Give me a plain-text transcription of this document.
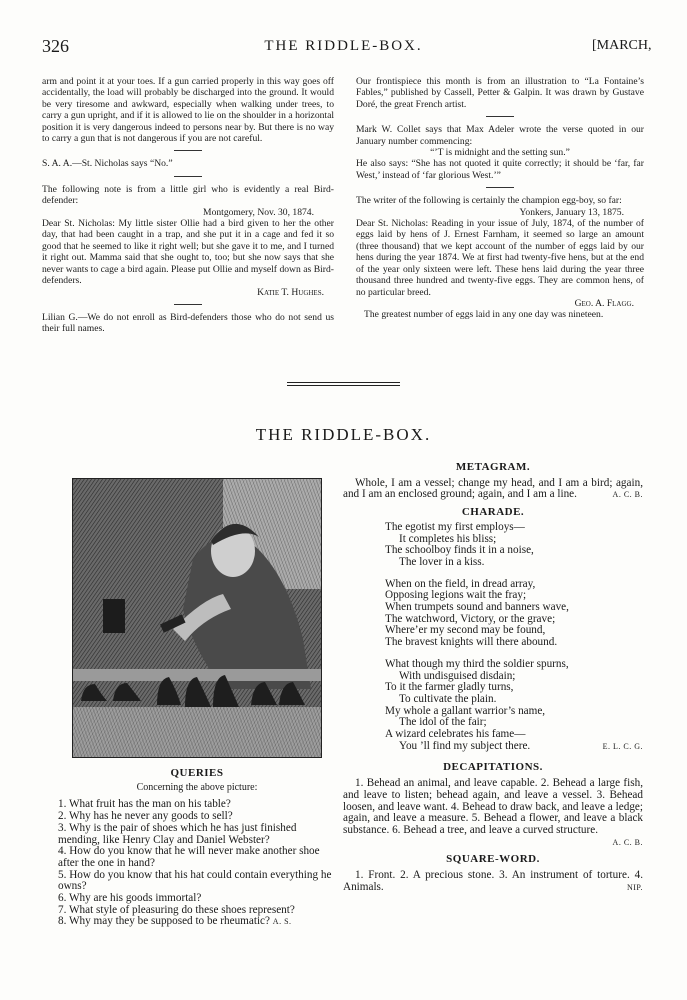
326	THE RIDDLE-BOX.	[MARCH,

arm and point it at your toes. If a gun carried properly in this way goes off accidentally, the load will probably be discharged into the ground. It would be very tiresome and awkward, especially when walking under trees, to carry a gun upright, and if it is allowed to lie on the shoulder in a horizontal position it is very dangerous indeed to persons near by. But there is no way to carry a gun that is not dangerous if you are not careful.

S. A. A.—St. Nicholas says “No.”

The following note is from a little girl who is evidently a real Bird-defender:

Montgomery, Nov. 30, 1874.

Dear St. Nicholas: My little sister Ollie had a bird given to her the other day, that had been caught in a trap, and she put it in a cage and fed it so good that he seemed to like it right well; but she gave it to me, and I turned it right out. Mamma said that she ought to, too; but she now says that she never wants to cage a bird again. Please put Ollie and myself down as Bird-defenders.

Katie T. Hughes.

Lilian G.—We do not enroll as Bird-defenders those who do not send us their full names.

Our frontispiece this month is from an illustration to “La Fontaine’s Fables,” published by Cassell, Petter & Galpin. It was drawn by Gustave Doré, the great French artist.

Mark W. Collet says that Max Adeler wrote the verse quoted in our January number commencing:

“’T is midnight and the setting sun.”

He also says: “She has not quoted it quite correctly; it should be ‘far, far West,’ instead of ‘far glorious West.’”

The writer of the following is certainly the champion egg-boy, so far:

Yonkers, January 13, 1875.

Dear St. Nicholas: Reading in your issue of July, 1874, of the number of eggs laid by hens of J. Ernest Farnham, it seemed so large an amount (three thousand) that we kept account of the number of eggs laid by our hens during the year 1874. We at first had twenty-five hens, but at the end of the year only sixteen were left. These hens laid during the year three thousand three hundred and twenty-five eggs. They are common hens, of no particular breed.

Geo. A. Flagg.

The greatest number of eggs laid in any one day was nineteen.

THE RIDDLE-BOX.
QUERIES

Concerning the above picture:

1. What fruit has the man on his table?

2. Why has he never any goods to sell?

3. Why is the pair of shoes which he has just finished mending, like Henry Clay and Daniel Webster?

4. How do you know that he will never make another shoe after the one in hand?

5. How do you know that his hat could contain everything he owns?

6. Why are his goods immortal?

7. What style of pleasuring do these shoes represent?

8. Why may they be supposed to be rheumatic? A. S.

METAGRAM.

Whole, I am a vessel; change my head, and I am a bird; again, and I am an enclosed ground; again, and I am a line.	A. C. B.

CHARADE.

The egotist my first employs—

It completes his bliss;

The schoolboy finds it in a noise,

The lover in a kiss.

When on the field, in dread array,

Opposing legions wait the fray;

When trumpets sound and banners wave,

The watchword, Victory, or the grave;

Where’er my second may be found,

The bravest knights will there abound.

What though my third the soldier spurns,

With undisguised disdain;

To it the farmer gladly turns,

To cultivate the plain.

My whole a gallant warrior’s name,

The idol of the fair;

A wizard celebrates his fame—

You ’ll find my subject there.	E. L. C. G.

DECAPITATIONS.

1. Behead an animal, and leave capable. 2. Behead a large fish, and leave to listen; behead again, and leave a vessel. 3. Behead loosen, and leave want. 4. Behead to draw back, and leave a ledge; again, and leave a measure. 5. Behead a flower, and leave a black substance. 6. Behead a tree, and leave a curved structure.

A. C. B.

SQUARE-WORD.

1. Front. 2. A precious stone. 3. An instrument of torture. 4. Animals.	NIP.
